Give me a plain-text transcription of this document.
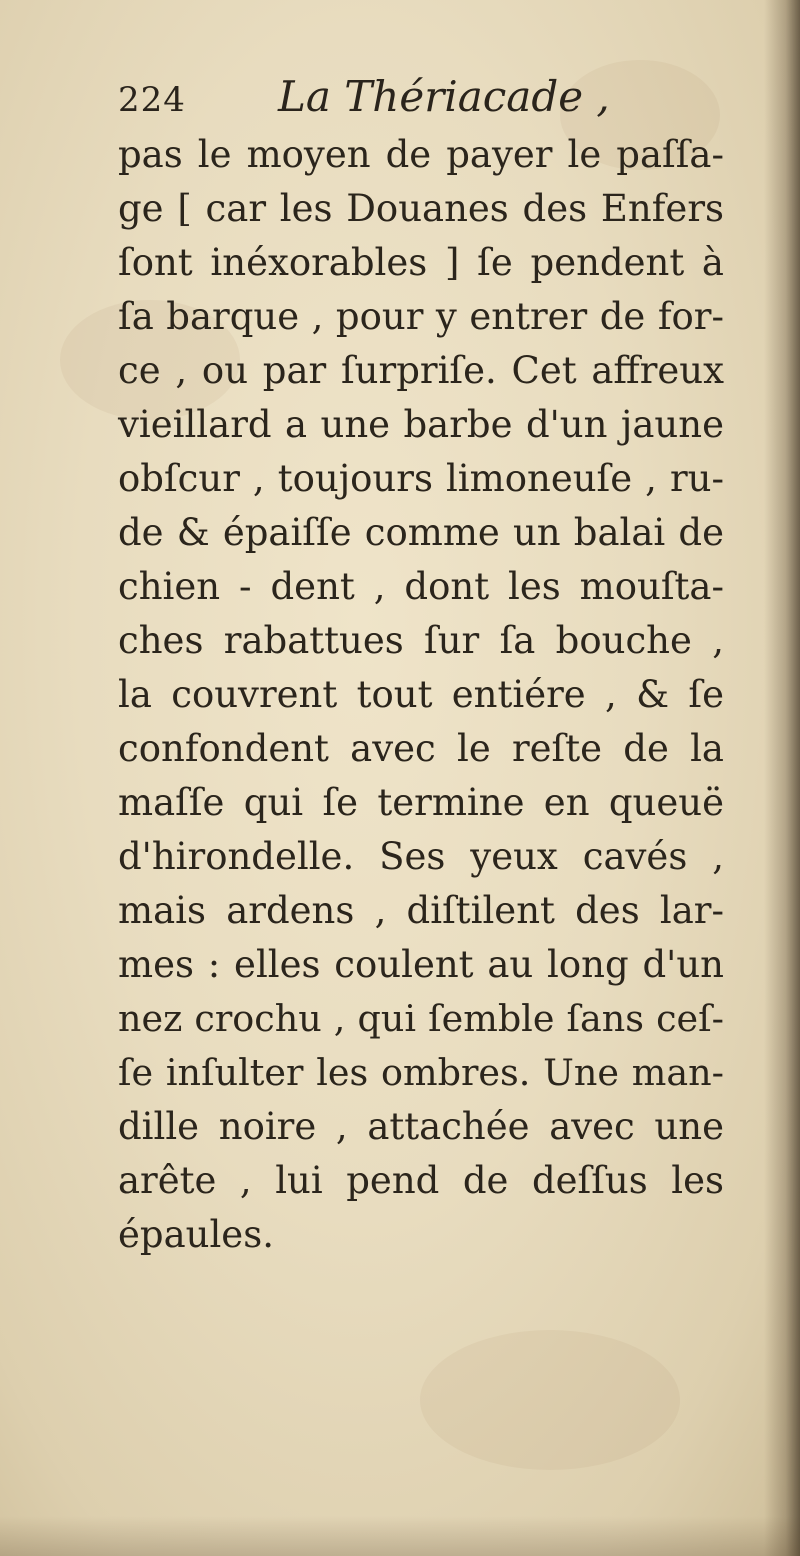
224 La Thériacade ,
pas le moyen de payer le paſſa-
ge [ car les Douanes des Enfers
ſont inéxorables ] ſe pendent à
ſa barque , pour y entrer de for-
ce , ou par ſurpriſe. Cet affreux
vieillard a une barbe d'un jaune
obſcur , toujours limoneuſe , ru-
de & épaiſſe comme un balai de
chien - dent , dont les mouſta-
ches rabattues ſur ſa bouche ,
la couvrent tout entiére , & ſe
confondent avec le reſte de la
maſſe qui ſe termine en queuë
d'hirondelle. Ses yeux cavés ,
mais ardens , diſtilent des lar-
mes : elles coulent au long d'un
nez crochu , qui ſemble ſans ceſ-
ſe inſulter les ombres. Une man-
dille noire , attachée avec une
arête , lui pend de deſſus les
épaules.
